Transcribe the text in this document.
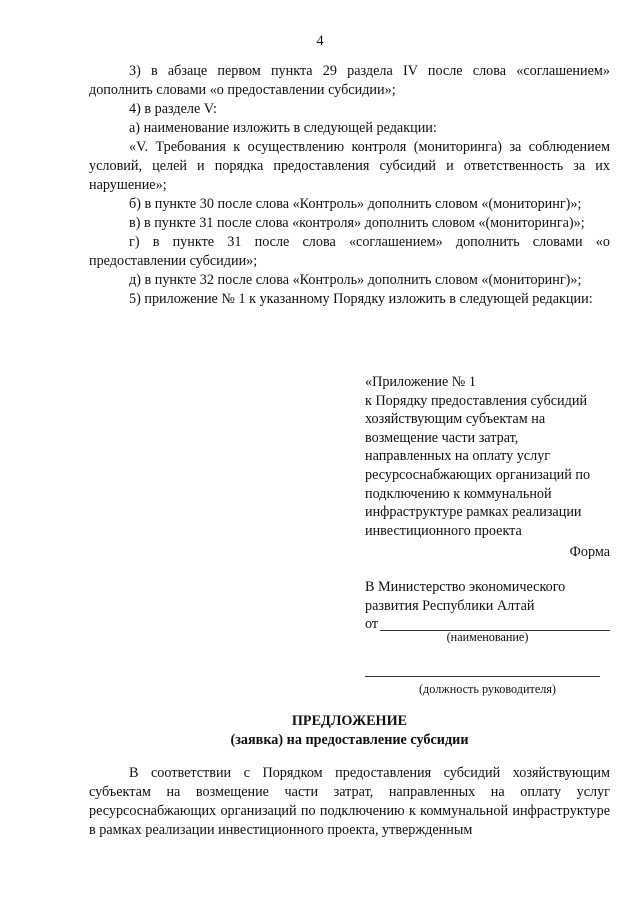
4

3) в абзаце первом пункта 29 раздела IV после слова «соглашением» дополнить словами «о предоставлении субсидии»;

4) в разделе V:

а) наименование изложить в следующей редакции:

«V. Требования к осуществлению контроля (мониторинга) за соблюдением условий, целей и порядка предоставления субсидий и ответственность за их нарушение»;

б) в пункте 30 после слова «Контроль» дополнить словом «(мониторинг)»;

в) в пункте 31 после слова «контроля» дополнить словом «(мониторинга)»;

г) в пункте 31 после слова «соглашением» дополнить словами «о предоставлении субсидии»;

д) в пункте 32 после слова «Контроль» дополнить словом «(мониторинг)»;

5) приложение № 1 к указанному Порядку изложить в следующей редакции:

«Приложение № 1
к Порядку предоставления субсидий
хозяйствующим субъектам на
возмещение части затрат,
направленных на оплату услуг
ресурсоснабжающих организаций по
подключению к коммунальной
инфраструктуре рамках реализации
инвестиционного проекта
Форма
В Министерство экономического
развития Республики Алтай
от
(наименование)
(должность руководителя)
ПРЕДЛОЖЕНИЕ
(заявка) на предоставление субсидии

В соответствии с Порядком предоставления субсидий хозяйствующим субъектам на возмещение части затрат, направленных на оплату услуг ресурсоснабжающих организаций по подключению к коммунальной инфраструктуре в рамках реализации инвестиционного проекта, утвержденным
